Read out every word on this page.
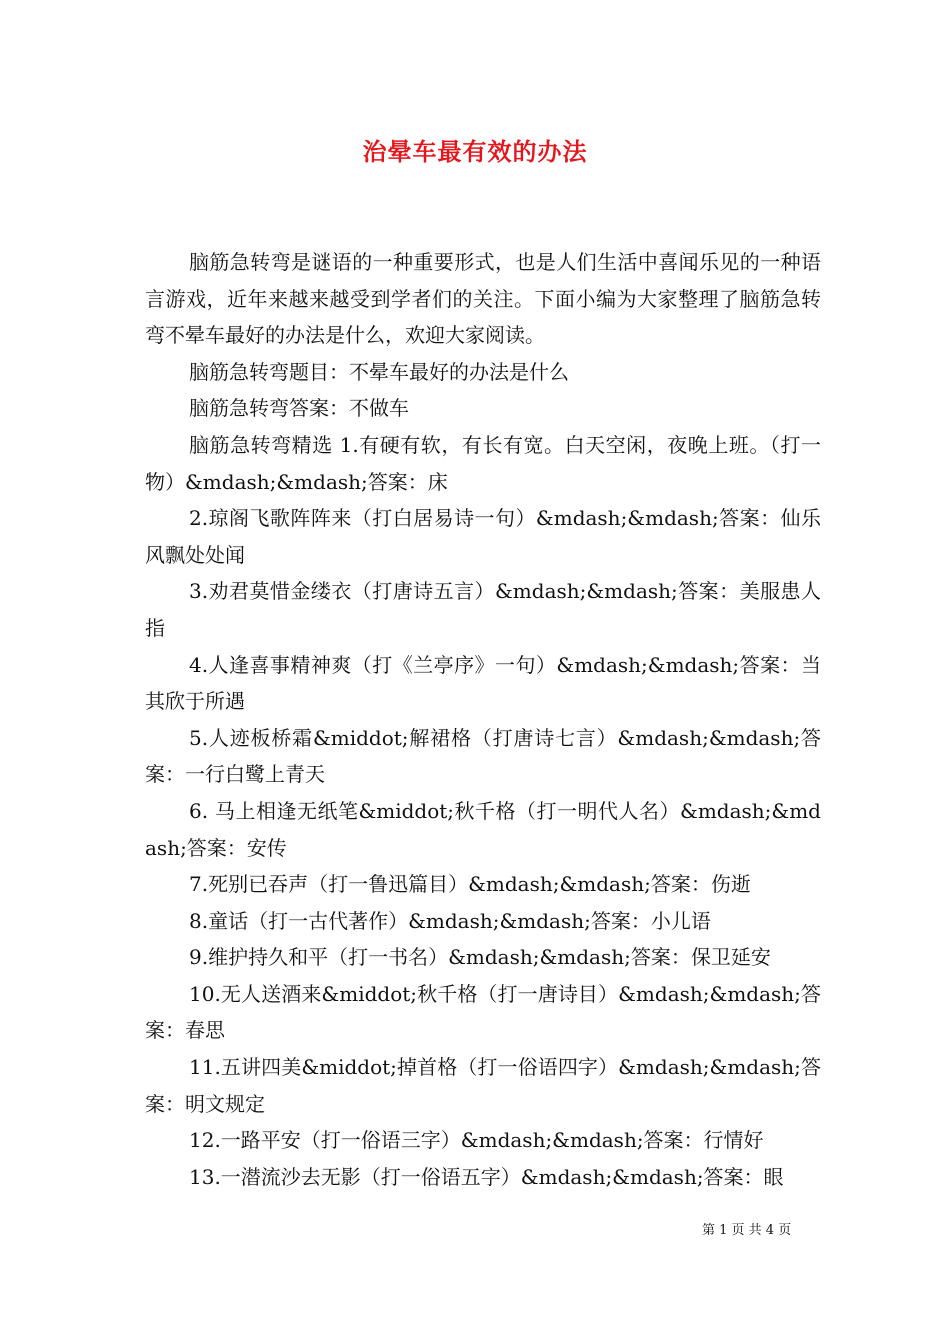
治晕车最有效的办法

脑筋急转弯是谜语的一种重要形式，也是人们生活中喜闻乐见的一种语言游戏，近年来越来越受到学者们的关注。下面小编为大家整理了脑筋急转弯不晕车最好的办法是什么，欢迎大家阅读。

脑筋急转弯题目：不晕车最好的办法是什么

脑筋急转弯答案：不做车

脑筋急转弯精选 1.有硬有软，有长有宽。白天空闲，夜晚上班。（打一物）&mdash;&mdash;答案：床

2.琼阁飞歌阵阵来（打白居易诗一句）&mdash;&mdash;答案：仙乐风飘处处闻

3.劝君莫惜金缕衣（打唐诗五言）&mdash;&mdash;答案：美服患人指

4.人逢喜事精神爽（打《兰亭序》一句）&mdash;&mdash;答案：当其欣于所遇

5.人迹板桥霜&middot;解裙格（打唐诗七言）&mdash;&mdash;答案：一行白鹭上青天

6. 马上相逢无纸笔&middot;秋千格（打一明代人名）&mdash;&mdash;答案：安传

7.死别已吞声（打一鲁迅篇目）&mdash;&mdash;答案：伤逝

8.童话（打一古代著作）&mdash;&mdash;答案：小儿语

9.维护持久和平（打一书名）&mdash;&mdash;答案：保卫延安

10.无人送酒来&middot;秋千格（打一唐诗目）&mdash;&mdash;答案：春思

11.五讲四美&middot;掉首格（打一俗语四字）&mdash;&mdash;答案：明文规定

12.一路平安（打一俗语三字）&mdash;&mdash;答案：行情好

13.一潜流沙去无影（打一俗语五字）&mdash;&mdash;答案：眼

第 1 页 共 4 页
